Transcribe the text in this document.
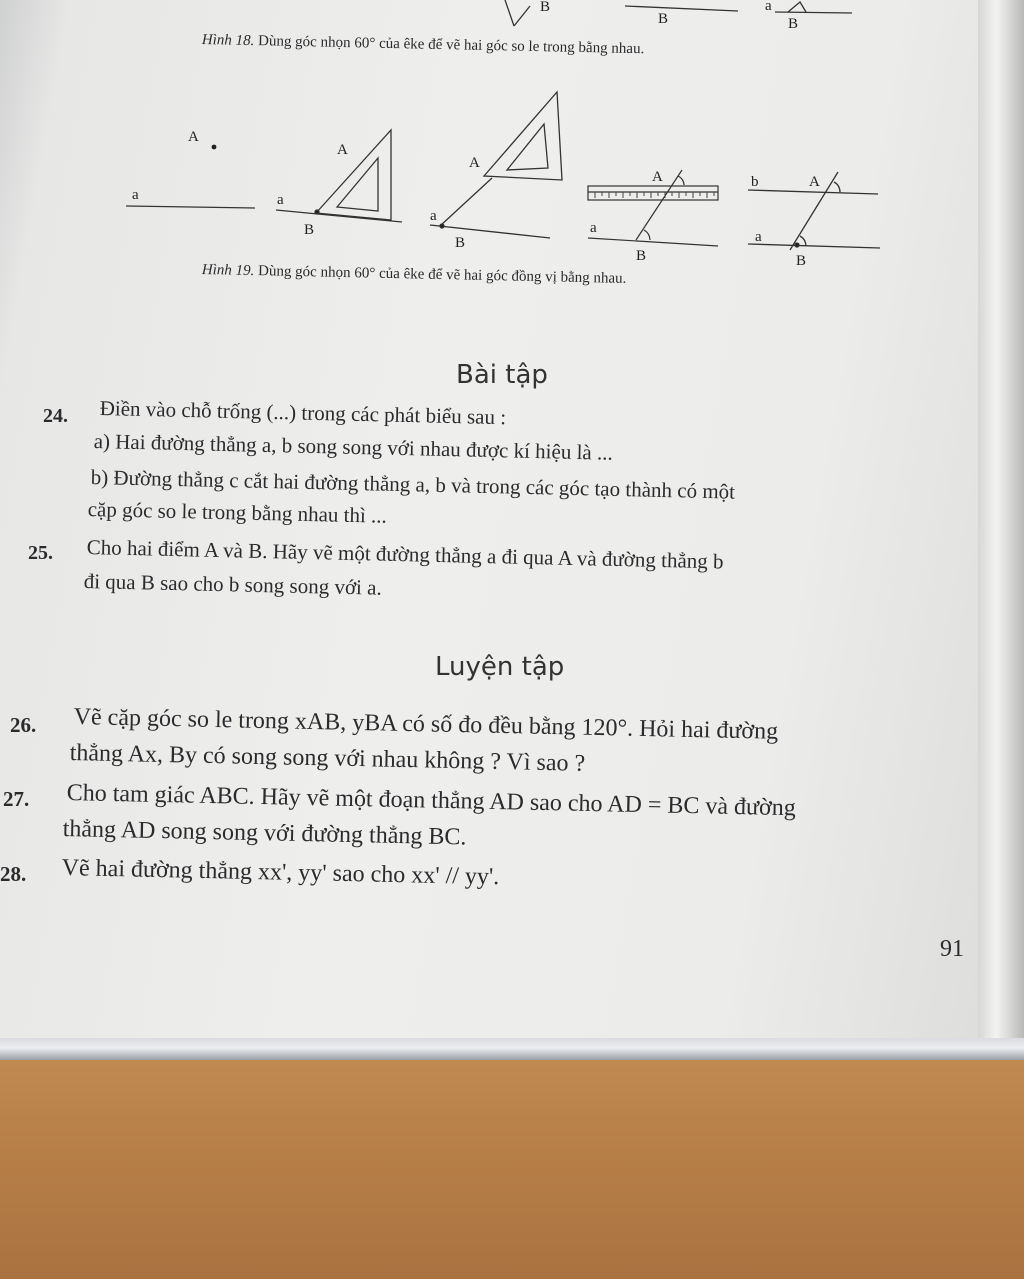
B
B
a
B
A
a
A
a
B
A
a
B
A
a
B
b	A
a
B
Hình 18. Dùng góc nhọn 60° của êke để vẽ hai góc so le trong bằng nhau.
Hình 19. Dùng góc nhọn 60° của êke để vẽ hai góc đồng vị bằng nhau.
Bài tập
24. Điền vào chỗ trống (...) trong các phát biểu sau :
a) Hai đường thẳng a, b song song với nhau được kí hiệu là ...
b) Đường thẳng c cắt hai đường thẳng a, b và trong các góc tạo thành có một
cặp góc so le trong bằng nhau thì ...
25. Cho hai điểm A và B. Hãy vẽ một đường thẳng a đi qua A và đường thẳng b
đi qua B sao cho b song song với a.
Luyện tập
26. Vẽ cặp góc so le trong xAB, yBA có số đo đều bằng 120°. Hỏi hai đường
thẳng Ax, By có song song với nhau không ? Vì sao ?
27. Cho tam giác ABC. Hãy vẽ một đoạn thẳng AD sao cho AD = BC và đường
thẳng AD song song với đường thẳng BC.
28. Vẽ hai đường thẳng xx', yy' sao cho xx' // yy'.
91
